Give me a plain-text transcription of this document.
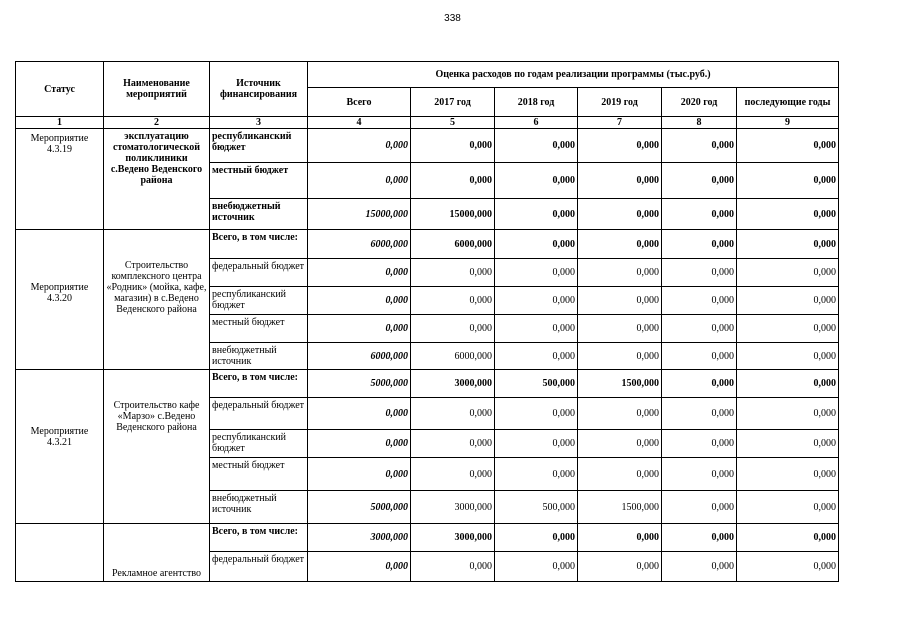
338
Статус	Наименование мероприятий	Источник финансирования	Оценка расходов по годам реализации программы (тыс.руб.)					
			Всего	2017 год	2018 год	2019 год	2020 год	последующие годы
1	2	3	4	5	6	7	8	9
Мероприятие 4.3.19	эксплуатацию стоматологической поликлиники с.Ведено Веденского района	республиканский бюджет	0,000	0,000	0,000	0,000	0,000	0,000
		местный бюджет	0,000	0,000	0,000	0,000	0,000	0,000
		внебюджетный источник	15000,000	15000,000	0,000	0,000	0,000	0,000
Мероприятие 4.3.20	Строительство комплексного центра «Родник» (мойка, кафе, магазин) в с.Ведено Веденского района	Всего, в том числе:	6000,000	6000,000	0,000	0,000	0,000	0,000
		федеральный бюджет	0,000	0,000	0,000	0,000	0,000	0,000
		республиканский бюджет	0,000	0,000	0,000	0,000	0,000	0,000
		местный бюджет	0,000	0,000	0,000	0,000	0,000	0,000
		внебюджетный источник	6000,000	6000,000	0,000	0,000	0,000	0,000
Мероприятие 4.3.21	Строительство кафе «Марзо» с.Ведено Веденского района	Всего, в том числе:	5000,000	3000,000	500,000	1500,000	0,000	0,000
		федеральный бюджет	0,000	0,000	0,000	0,000	0,000	0,000
		республиканский бюджет	0,000	0,000	0,000	0,000	0,000	0,000
		местный бюджет	0,000	0,000	0,000	0,000	0,000	0,000
		внебюджетный источник	5000,000	3000,000	500,000	1500,000	0,000	0,000
	Рекламное агентство	Всего, в том числе:	3000,000	3000,000	0,000	0,000	0,000	0,000
		федеральный бюджет	0,000	0,000	0,000	0,000	0,000	0,000
